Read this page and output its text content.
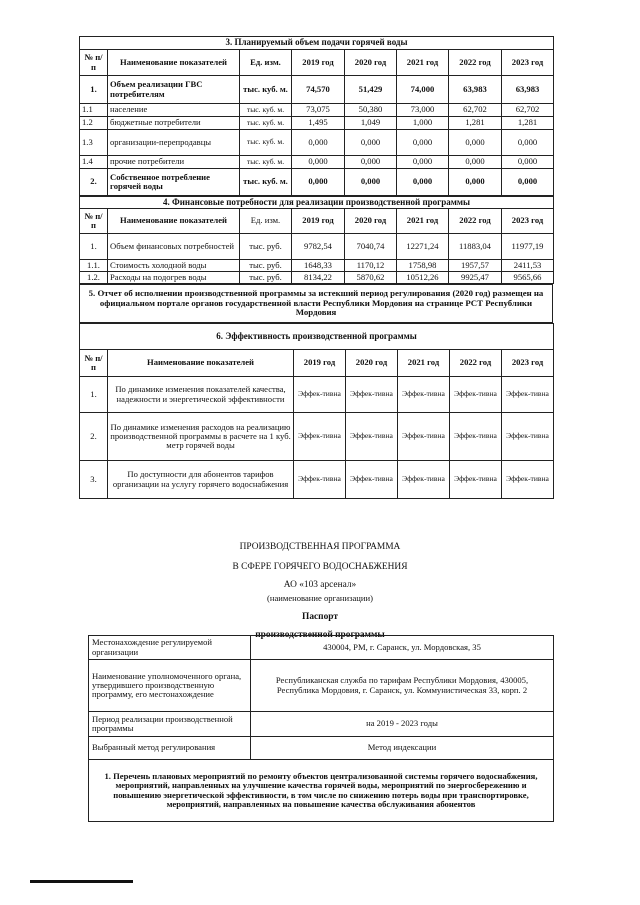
3. Планируемый объем подачи горячей воды							
№ п/п	Наименование показателей	Ед. изм.	2019 год	2020 год	2021 год	2022 год	2023 год
1.	Объем реализации ГВС потребителям	тыс. куб. м.	74,570	51,429	74,000	63,983	63,983
1.1	население	тыс. куб. м.	73,075	50,380	73,000	62,702	62,702
1.2	бюджетные потребители	тыс. куб. м.	1,495	1,049	1,000	1,281	1,281
1.3	организации-перепродавцы	тыс. куб. м.	0,000	0,000	0,000	0,000	0,000
1.4	прочие потребители	тыс. куб. м.	0,000	0,000	0,000	0,000	0,000
2.	Собственное потребление горячей воды	тыс. куб. м.	0,000	0,000	0,000	0,000	0,000
4. Финансовые потребности для реализации производственной программы							
№ п/п	Наименование показателей	Ед. изм.	2019 год	2020 год	2021 год	2022 год	2023 год
1.	Объем финансовых потребностей	тыс. руб.	9782,54	7040,74	12271,24	11883,04	11977,19
1.1.	Стоимость холодной воды	тыс. руб.	1648,33	1170,12	1758,98	1957,57	2411,53
1.2.	Расходы на подогрев воды	тыс. руб.	8134,22	5870,62	10512,26	9925,47	9565,66
5. Отчет об исполнении производственной программы за истекший период регулирования (2020 год) размещен на официальном портале органов государственной власти Республики Мордовия на странице РСТ Республики Мордовия
6. Эффективность производственной программы						
№ п/п	Наименование показателей	2019 год	2020 год	2021 год	2022 год	2023 год
1.	По динамике изменения показателей качества, надежности и энергетической эффективности	Эффек-тивна	Эффек-тивна	Эффек-тивна	Эффек-тивна	Эффек-тивна
2.	По динамике изменения расходов на реализацию производственной программы в расчете на 1 куб. метр горячей воды	Эффек-тивна	Эффек-тивна	Эффек-тивна	Эффек-тивна	Эффек-тивна
3.	По доступности для абонентов тарифов организации на услугу горячего водоснабжения	Эффек-тивна	Эффек-тивна	Эффек-тивна	Эффек-тивна	Эффек-тивна
ПРОИЗВОДСТВЕННАЯ ПРОГРАММА
В СФЕРЕ ГОРЯЧЕГО ВОДОСНАБЖЕНИЯ
АО «103 арсенал»
(наименование организации)
Паспорт
производственной программы
Местонахождение регулируемой организации	430004, РМ, г. Саранск, ул. Мордовская, 35
Наименование уполномоченного органа, утвердившего производственную программу, его местонахождение	Республиканская служба по тарифам Республики Мордовия, 430005, Республика Мордовия, г. Саранск, ул. Коммунистическая 33, корп. 2
Период реализации производственной программы	на 2019 - 2023 годы
Выбранный метод регулирования	Метод индексации
1. Перечень плановых мероприятий по ремонту объектов централизованной системы горячего водоснабжения, мероприятий, направленных на улучшение качества горячей воды, мероприятий по энергосбережению и повышению энергетической эффективности, в том числе по снижению потерь воды при транспортировке, мероприятий, направленных на повышение качества обслуживания абонентов	
